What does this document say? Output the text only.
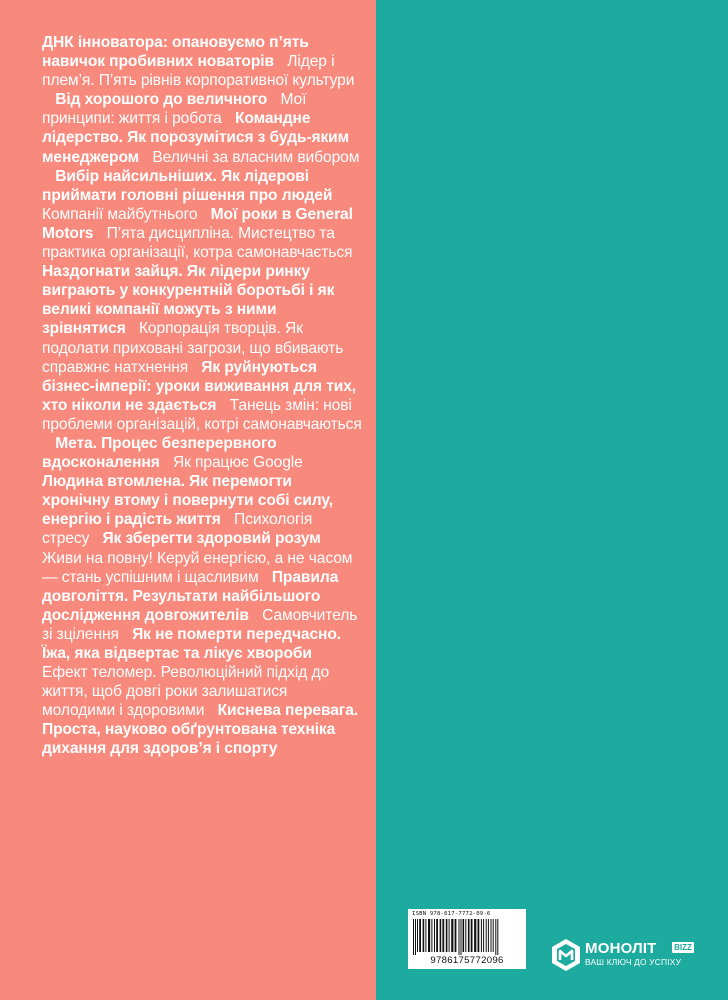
ДНК інноватора: опановуємо п’ять навичок пробивних новаторів Лідер і плем’я. П’ять рівнів корпоративної культури Від хорошого до величного Мої принципи: життя і робота Командне лідерство. Як порозумітися з будь-яким менеджером Величні за власним вибором Вибір найсильніших. Як лідерові приймати головні рішення про людей Компанії майбутнього Мої роки в General Motors П’ята дисципліна. Мистецтво та практика організації, котра самонавчається Наздогнати зайця. Як лідери ринку виграють у конкурентній боротьбі і як великі компанії можуть з ними зрівнятися Корпорація творців. Як подолати приховані загрози, що вбивають справжнє натхнення Як руйнуються бізнес-імперії: уроки виживання для тих, хто ніколи не здається Танець змін: нові проблеми організацій, котрі самонавчаються Мета. Процес безперервного вдосконалення Як працює Google Людина втомлена. Як перемогти хронічну втому і повернути собі силу, енергію і радість життя Психологія стресу Як зберегти здоровий розум Живи на повну! Керуй енергією, а не часом — стань успішним і щасливим Правила довголіття. Результати найбільшого дослідження довгожителів Самовчитель зі зцілення Як не померти передчасно. Їжа, яка відвертає та лікує хвороби Ефект теломер. Революційний підхід до життя, щоб довгі роки залишатися молодими і здоровими Киснева перевага. Проста, науково обґрунтована техніка дихання для здоров’я і спорту
ISBN 978-617-7772-09-6
9786175772096
МОНОЛІТ BIZZ
ВАШ КЛЮЧ ДО УСПІХУ
